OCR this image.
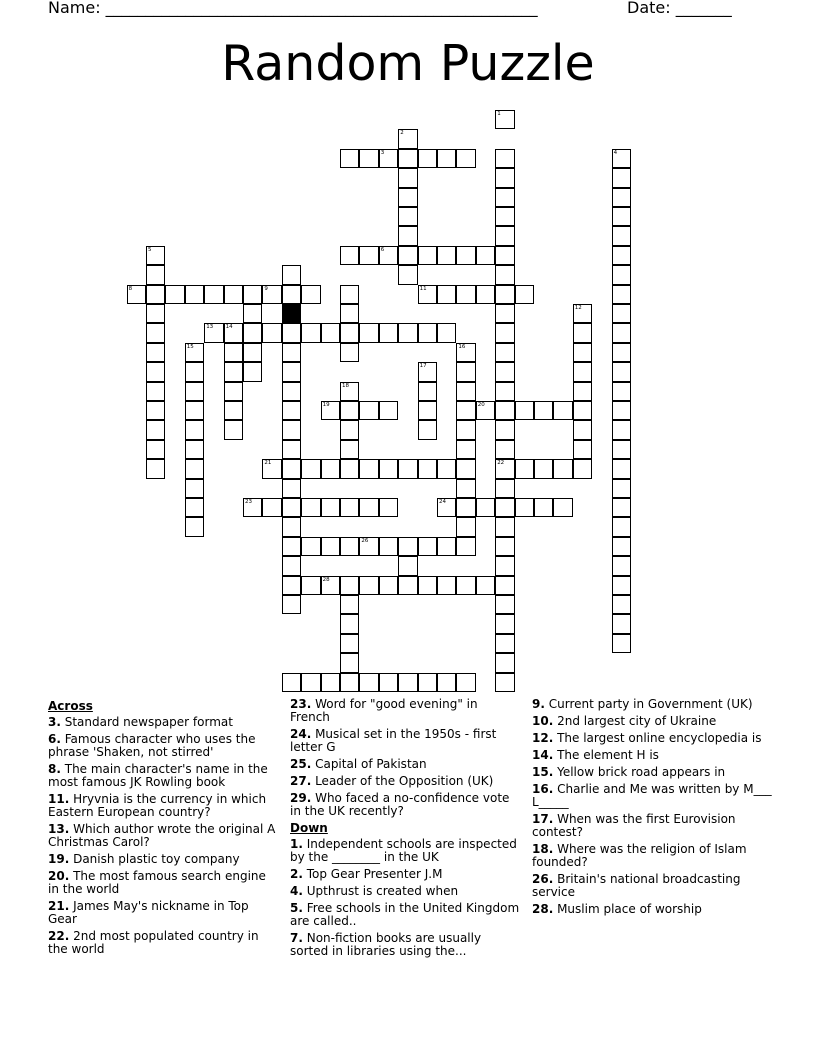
Name: ______________________________________________________	Date: _______
Random Puzzle
1
2
3	4
5	6
8	9	11
12
13 14
15	16
17
18
19	20
21	22
23	24
26
28
Across
3. Standard newspaper format
6. Famous character who uses the phrase 'Shaken, not stirred'
8. The main character's name in the most famous JK Rowling book
11. Hryvnia is the currency in which Eastern European country?
13. Which author wrote the original A Christmas Carol?
19. Danish plastic toy company
20. The most famous search engine in the world
21. James May's nickname in Top Gear
22. 2nd most populated country in the world
23. Word for "good evening" in French
24. Musical set in the 1950s - first letter G
25. Capital of Pakistan
27. Leader of the Opposition (UK)
29. Who faced a no-confidence vote in the UK recently?
Down
1. Independent schools are inspected by the ________ in the UK
2. Top Gear Presenter J.M
4. Upthrust is created when
5. Free schools in the United Kingdom are called..
7. Non-fiction books are usually sorted in libraries using the...
9. Current party in Government (UK)
10. 2nd largest city of Ukraine
12. The largest online encyclopedia is
14. The element H is
15. Yellow brick road appears in
16. Charlie and Me was written by M___ L_____
17. When was the first Eurovision contest?
18. Where was the religion of Islam founded?
26. Britain's national broadcasting service
28. Muslim place of worship
